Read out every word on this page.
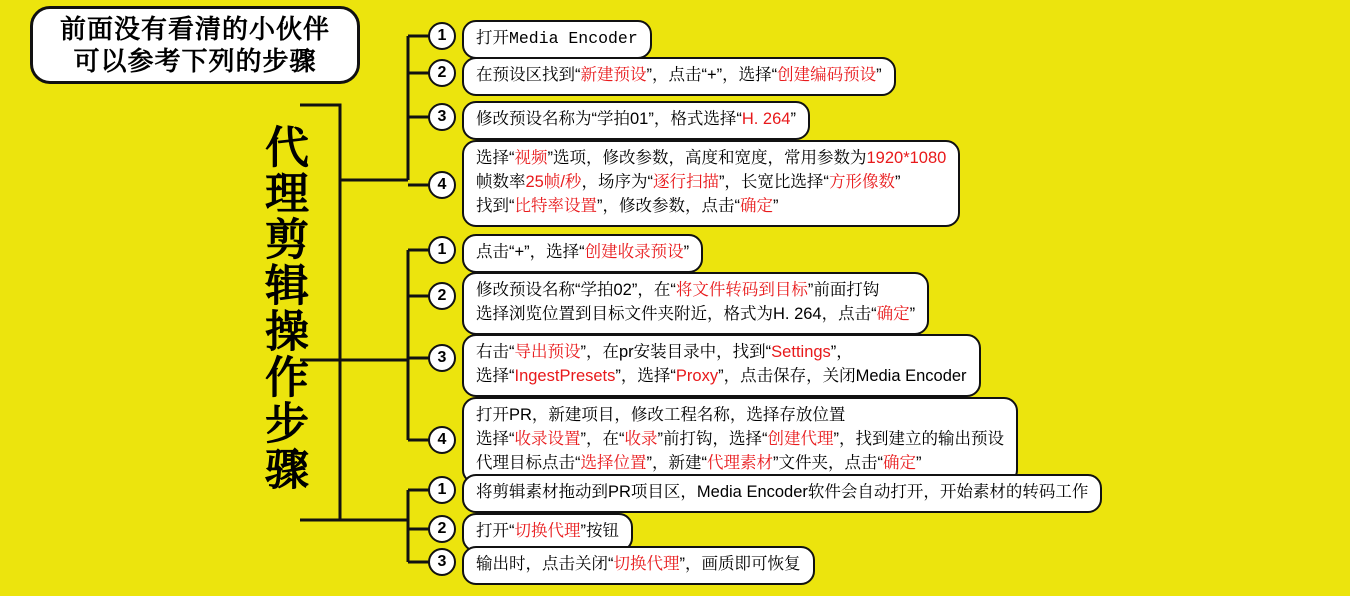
前面没有看清的小伙伴
可以参考下列的步骤
代理剪辑操作步骤
1	打开Media Encoder
2	在预设区找到“新建预设”，点击“+”，选择“创建编码预设”
3	修改预设名称为“学拍01”，格式选择“H. 264”
4
选择“视频”选项，修改参数，高度和宽度，常用参数为1920*1080
帧数率25帧/秒，场序为“逐行扫描”，长宽比选择“方形像数”
找到“比特率设置”，修改参数，点击“确定”
1	点击“+”，选择“创建收录预设”
2	修改预设名称“学拍02”，在“将文件转码到目标”前面打钩
选择浏览位置到目标文件夹附近，格式为H. 264，点击“确定”
3	右击“导出预设”，在pr安装目录中，找到“Settings”，
选择“IngestPresets”，选择“Proxy”，点击保存，关闭Media Encoder
4
打开PR，新建项目，修改工程名称，选择存放位置
选择“收录设置”，在“收录”前打钩，选择“创建代理”，找到建立的输出预设
代理目标点击“选择位置”，新建“代理素材”文件夹，点击“确定”
1	将剪辑素材拖动到PR项目区，Media Encoder软件会自动打开，开始素材的转码工作
2	打开“切换代理”按钮
3	输出时，点击关闭“切换代理”，画质即可恢复
